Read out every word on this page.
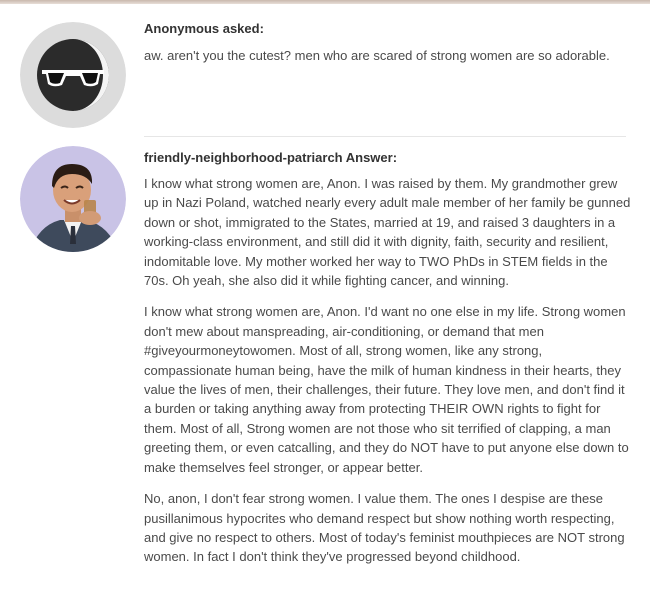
Anonymous asked:
aw. aren't you the cutest? men who are scared of strong women are so adorable.
friendly-neighborhood-patriarch Answer:

I know what strong women are, Anon. I was raised by them. My grandmother grew up in Nazi Poland, watched nearly every adult male member of her family be gunned down or shot, immigrated to the States, married at 19, and raised 3 daughters in a working-class environment, and still did it with dignity, faith, security and resilient, indomitable love. My mother worked her way to TWO PhDs in STEM fields in the 70s. Oh yeah, she also did it while fighting cancer, and winning.

I know what strong women are, Anon. I'd want no one else in my life. Strong women don't mew about manspreading, air-conditioning, or demand that men #giveyourmoneytowomen. Most of all, strong women, like any strong, compassionate human being, have the milk of human kindness in their hearts, they value the lives of men, their challenges, their future. They love men, and don't find it a burden or taking anything away from protecting THEIR OWN rights to fight for them. Most of all, Strong women are not those who sit terrified of clapping, a man greeting them, or even catcalling, and they do NOT have to put anyone else down to make themselves feel stronger, or appear better.

No, anon, I don't fear strong women. I value them. The ones I despise are these pusillanimous hypocrites who demand respect but show nothing worth respecting, and give no respect to others. Most of today's feminist mouthpieces are NOT strong women. In fact I don't think they've progressed beyond childhood.
